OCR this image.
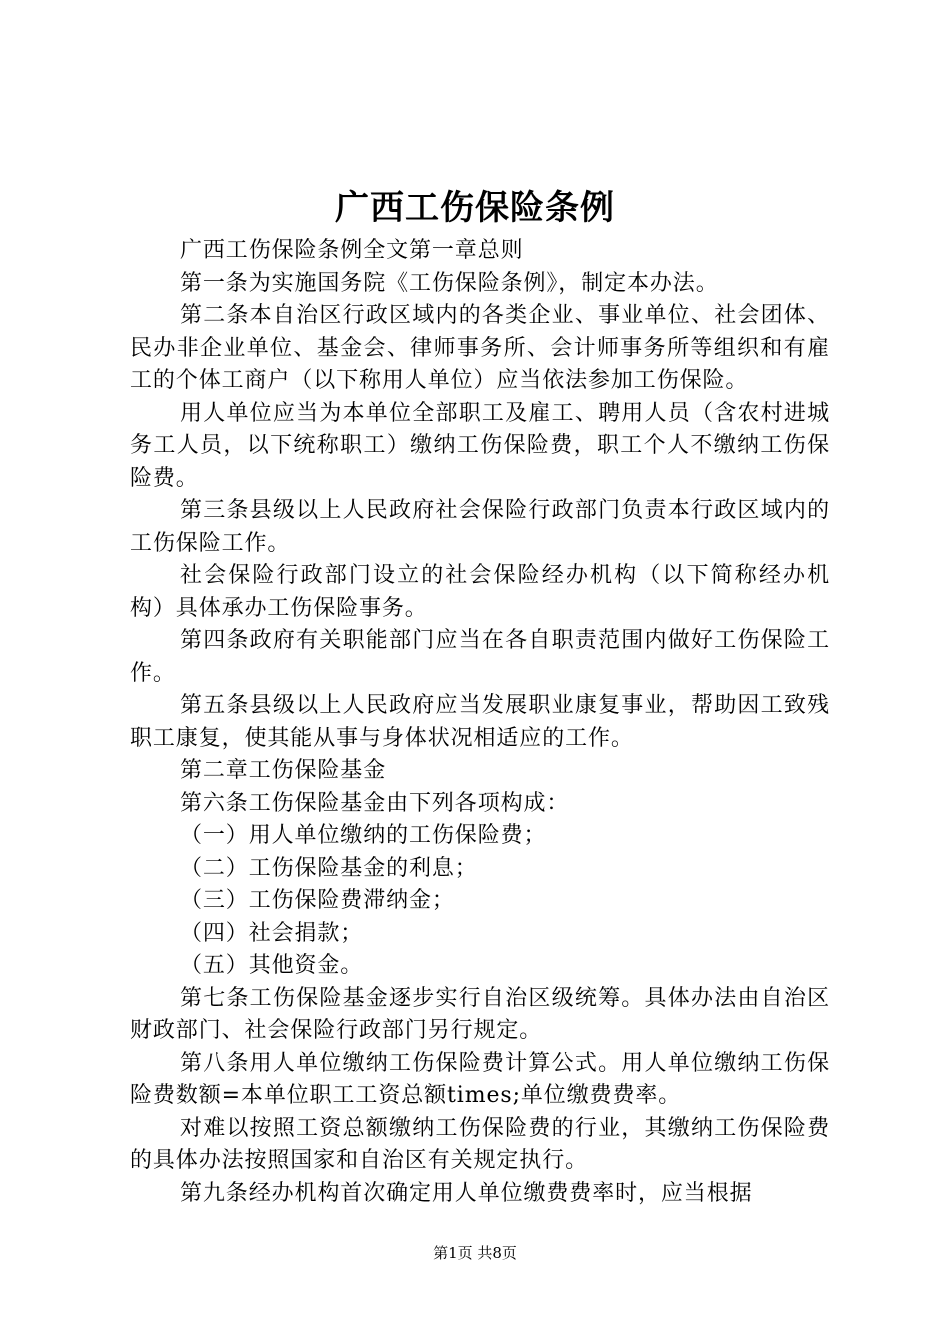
广西工伤保险条例

广西工伤保险条例全文第一章总则

第一条为实施国务院《工伤保险条例》，制定本办法。

第二条本自治区行政区域内的各类企业、事业单位、社会团体、民办非企业单位、基金会、律师事务所、会计师事务所等组织和有雇工的个体工商户（以下称用人单位）应当依法参加工伤保险。

用人单位应当为本单位全部职工及雇工、聘用人员（含农村进城务工人员，以下统称职工）缴纳工伤保险费，职工个人不缴纳工伤保险费。

第三条县级以上人民政府社会保险行政部门负责本行政区域内的工伤保险工作。

社会保险行政部门设立的社会保险经办机构（以下简称经办机构）具体承办工伤保险事务。

第四条政府有关职能部门应当在各自职责范围内做好工伤保险工作。

第五条县级以上人民政府应当发展职业康复事业，帮助因工致残职工康复，使其能从事与身体状况相适应的工作。

第二章工伤保险基金

第六条工伤保险基金由下列各项构成：

（一）用人单位缴纳的工伤保险费；

（二）工伤保险基金的利息；

（三）工伤保险费滞纳金；

（四）社会捐款；

（五）其他资金。

第七条工伤保险基金逐步实行自治区级统筹。具体办法由自治区财政部门、社会保险行政部门另行规定。

第八条用人单位缴纳工伤保险费计算公式。用人单位缴纳工伤保险费数额=本单位职工工资总额times;单位缴费费率。

对难以按照工资总额缴纳工伤保险费的行业，其缴纳工伤保险费的具体办法按照国家和自治区有关规定执行。

第九条经办机构首次确定用人单位缴费费率时，应当根据

第1页 共8页
